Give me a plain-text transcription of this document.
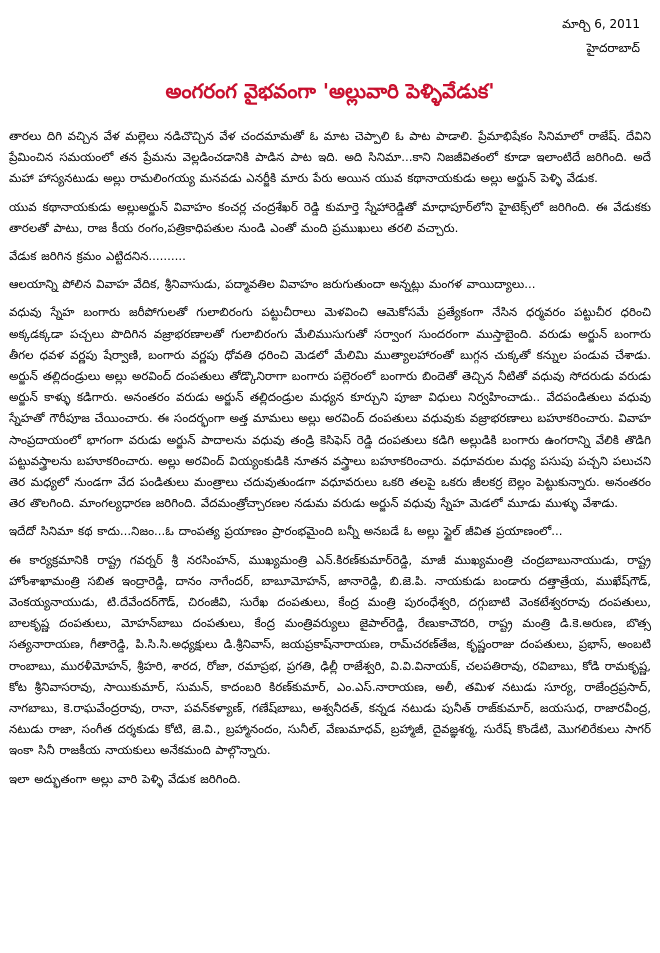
మార్చి 6, 2011
హైదరాబాద్
అంగరంగ వైభవంగా 'అల్లువారి పెళ్ళివేడుక'

తారలు దిగి వచ్చిన వేళ మల్లెలు నడిచొచ్చిన వేళ చందమామతో ఓ మాట చెప్పాలి ఓ పాట పాడాలి. ప్రేమాభిషేకం సినిమాలో రాజేష్. దేవిని ప్రేమించిన సమయంలో తన ప్రేమను వెల్లడించడానికి పాడిన పాట ఇది. అది సినిమా...కాని నిజజీవితంలో కూడా ఇలాంటిదే జరిగింది. అదే మహా హాస్యనటుడు అల్లు రామలింగయ్య మనవడు ఎనర్జీకి మారు పేరు అయిన యువ కథానాయకుడు అల్లు అర్జున్ పెళ్ళి వేడుక.

యువ కథానాయకుడు అల్లుఅర్జున్ వివాహం కంచర్ల చంద్రశేఖర్ రెడ్డి కుమార్తె స్నేహారెడ్డితో మాధాపూర్‌లోని హైటెక్స్‌లో జరిగింది. ఈ వేడుకకు తారలతో పాటు, రాజ కీయ రంగం,పత్రికాధిపతుల నుండి ఎంతో మంది ప్రముఖులు తరలి వచ్చారు.

వేడుక జరిగిన క్రమం ఎట్టిదనిన..........

ఆలయాన్ని పోలిన వివాహ వేదిక, శ్రీనివాసుడు, పద్మావతిల వివాహం జరుగుతుందా అన్నట్లు మంగళ వాయిద్యాలు...

వధువు స్నేహ బంగారు జరీపోగులతో గులాబిరంగు పట్టుచీరాలు మెళవించి ఆమెకోసమే ప్రత్యేకంగా నేసిన ధర్మవరం పట్టుచీర ధరించి అక్కడక్కడా పచ్చలు పొదిగిన వజ్రాభరణాలతో గులాబిరంగు మేలిముసుగుతో సర్వాంగ సుందరంగా ముస్తాబైంది. వరుడు అర్జున్ బంగారు తీగల ధవళ వర్ణపు షేర్వాణి, బంగారు వర్ణపు ధోవతి ధరించి మెడలో మేలిమి ముత్యాలహారంతో బుగ్గన చుక్కతో కన్నుల పండువ చేశాడు. అర్జున్ తల్లిదండ్రులు అల్లు అరవింద్ దంపతులు తోడ్కొనిరాగా బంగారు పల్లెరంలో బంగారు బిందెతో తెచ్చిన నీటితో వధువు సోదరుడు వరుడు అర్జున్ కాళ్ళు కడిగారు. అనంతరం వరుడు అర్జున్ తల్లిదండ్రుల మధ్యన కూర్చుని పూజా విధులు నిర్వహించాడు.. వేదపండితులు వధువు స్నేహతో గౌరీపూజ చేయించారు. ఈ సందర్భంగా అత్త మామలు అల్లు అరవింద్ దంపతులు వధువుకు వజ్రాభరణాలు బహూకరించారు. వివాహ సాంప్రదాయంలో భాగంగా వరుడు అర్జున్ పాదాలను వధువు తండ్రి కెసిఫెస్ రెడ్డి దంపతులు కడిగి అల్లుడికి బంగారు ఉంగరాన్ని వేలికి తొడిగి పట్టువస్త్రాలను బహూకరించారు. అల్లు అరవింద్ వియ్యంకుడికి నూతన వస్త్రాలు బహూకరించారు. వధూవరుల మధ్య పసుపు పచ్చని పలుచని తెర మధ్యలో నుండగా వేద పండితులు మంత్రాలు చదువుతుండగా వధూవరులు ఒకరి తలపై ఒకరు జీలకర్ర బెల్లం పెట్టుకున్నారు. అనంతరం తెర తొలగింది. మాంగల్యధారణ జరిగింది. వేదమంత్రోచ్చారణల నడుమ వరుడు అర్జున్ వధువు స్నేహ మెడలో మూడు ముళ్ళు వేశాడు.

ఇదేదో సినిమా కథ కాదు...నిజం...ఓ దాంపత్య ప్రయాణం ప్రారంభమైంది బన్నీ అనబడే ఓ అల్లు స్టైల్ జీవిత ప్రయాణంలో...

ఈ కార్యక్రమానికి రాష్ట్ర గవర్నర్ శ్రీ నరసింహన్, ముఖ్యమంత్రి ఎన్.కిరణ్‌కుమార్‌రెడ్డి, మాజీ ముఖ్యమంత్రి చంద్రబాబునాయుడు, రాష్ట్ర హోంశాఖామంత్రి సబిత ఇంద్రారెడ్డి, దానం నాగేందర్, బాబూమోహన్, జానారెడ్డి, బి.జె.పి. నాయకుడు బండారు దత్తాత్రేయ, ముఖేష్‌గౌడ్, వెంకయ్యనాయుడు, టి.దేవేందర్‌గౌడ్, చిరంజీవి, సురేఖ దంపతులు, కేంద్ర మంత్రి పురంధేశ్వరి, దగ్గుబాటి వెంకటేశ్వరరావు దంపతులు, బాలకృష్ణ దంపతులు, మోహన్‌బాబు దంపతులు, కేంద్ర మంత్రివర్యులు జైపాల్‌రెడ్డి, రేణుకాచౌదరి, రాష్ట్ర మంత్రి డి.కె.అరుణ, బొత్స సత్యనారాయణ, గీతారెడ్డి, పి.సి.సి.అధ్యక్షులు డి.శ్రీనివాస్, జయప్రకాష్‌నారాయణ, రామ్‌చరణ్‌తేజ, కృష్ణంరాజు దంపతులు, ప్రభాస్, అంబటి రాంబాబు, మురళీమోహన్, శ్రీహరి, శారద, రోజా, రమాప్రభ, ప్రగతి, ఢిల్లీ రాజేశ్వరి, వి.వి.వినాయక్, చలపతిరావు, రవిబాబు, కోడి రామకృష్ణ, కోట శ్రీనివాసరావు, సాయికుమార్, సుమన్, కాదంబరి కిరణ్‌కుమార్, ఎం.ఎస్.నారాయణ, అలీ, తమిళ నటుడు సూర్య, రాజేంద్రప్రసాద్, నాగబాబు, కె.రాఘవేంద్రరావు, రానా, పవన్‌కళ్యాణ్, గణేష్‌బాబు, అశ్వనీదత్, కన్నడ నటుడు పునీత్ రాజ్‌కుమార్, జయసుధ, రాజారవీంద్ర, నటుడు రాజా, సంగీత దర్శకుడు కోటి, జె.వి., బ్రహ్మానందం, సునీల్, వేణుమాధవ్, బ్రహ్మాజీ, దైవజ్ఞశర్మ, సురేష్ కొండేటి, మొగలిరేకులు సాగర్ ఇంకా సినీ రాజకీయ నాయకులు అనేకమంది పాల్గొన్నారు.

ఇలా అద్భుతంగా అల్లు వారి పెళ్ళి వేడుక జరిగింది.
